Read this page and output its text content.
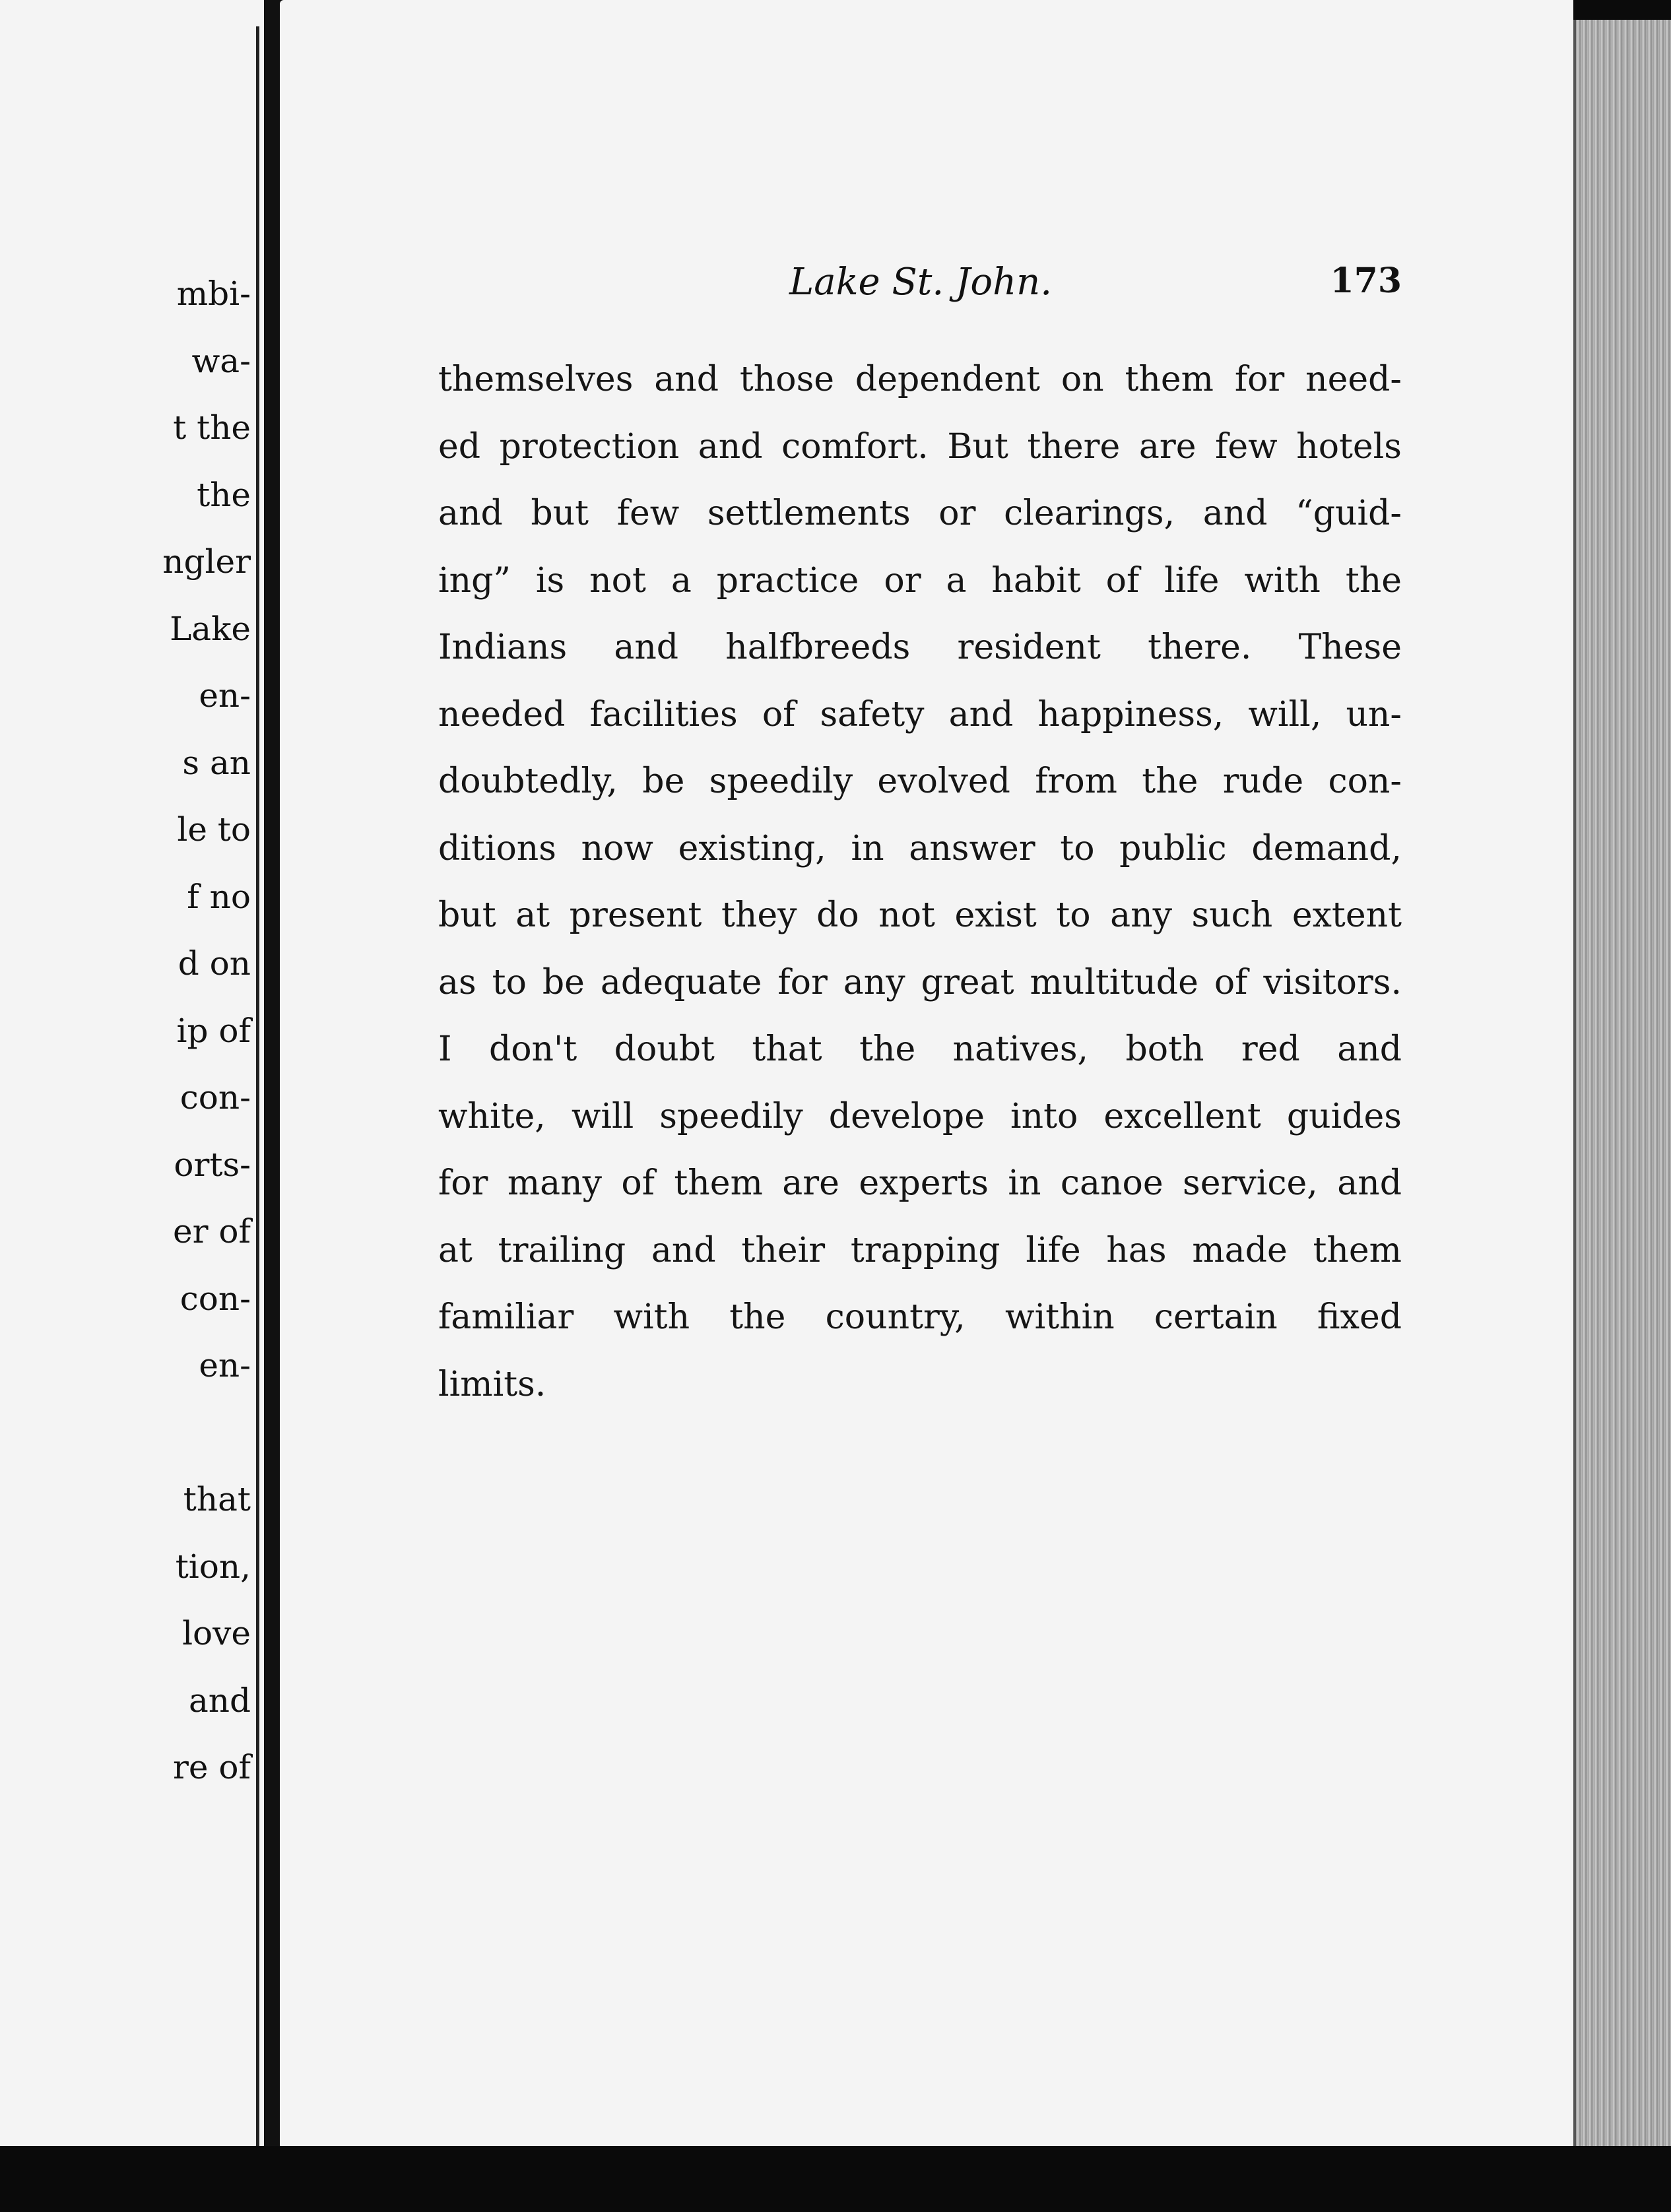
mbi-
wa-
t the
the
ngler
Lake
en-
s an
le to
f no
d on
ip of
con-
orts-
er of
con-
en-
that
tion,
love
and
re of
Lake St. John.	173
themselves and those dependent on them for need-
ed protection and comfort. But there are few hotels
and but few settlements or clearings, and “guid-
ing” is not a practice or a habit of life with the
Indians and halfbreeds resident there. These
needed facilities of safety and happiness, will, un-
doubtedly, be speedily evolved from the rude con-
ditions now existing, in answer to public demand,
but at present they do not exist to any such extent
as to be adequate for any great multitude of visitors.
I don't doubt that the natives, both red and
white, will speedily develope into excellent guides
for many of them are experts in canoe service, and
at trailing and their trapping life has made them
familiar with the country, within certain fixed
limits.
